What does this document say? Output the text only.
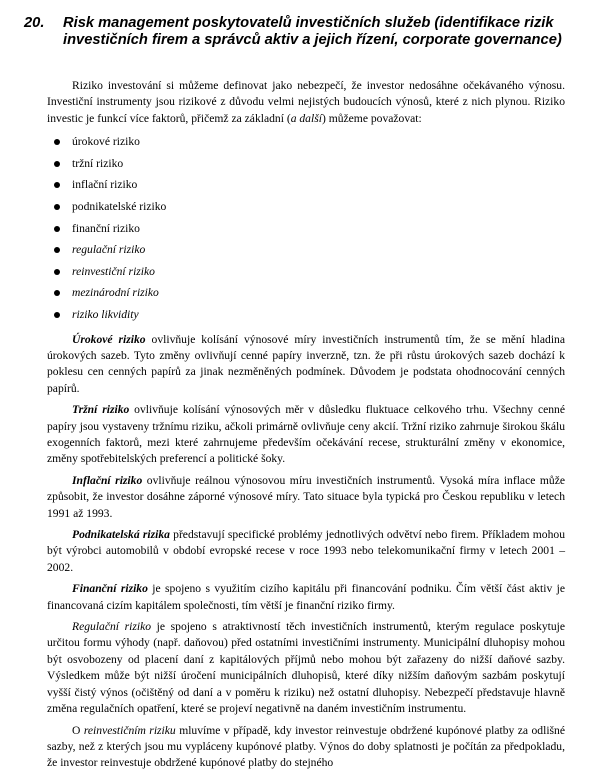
20. Risk management poskytovatelů investičních služeb (identifikace rizik investičních firem a správců aktiv a jejich řízení, corporate governance)

Riziko investování si můžeme definovat jako nebezpečí, že investor nedosáhne očekávaného výnosu. Investiční instrumenty jsou rizikové z důvodu velmi nejistých budoucích výnosů, které z nich plynou. Riziko investic je funkcí více faktorů, přičemž za základní (a další) můžeme považovat:

úrokové riziko
tržní riziko
inflační riziko
podnikatelské riziko
finanční riziko
regulační riziko
reinvestiční riziko
mezinárodní riziko
riziko likvidity

Úrokové riziko ovlivňuje kolísání výnosové míry investičních instrumentů tím, že se mění hladina úrokových sazeb. Tyto změny ovlivňují cenné papíry inverzně, tzn. že při růstu úrokových sazeb dochází k poklesu cen cenných papírů za jinak nezměněných podmínek. Důvodem je podstata ohodnocování cenných papírů.

Tržní riziko ovlivňuje kolísání výnosových měr v důsledku fluktuace celkového trhu. Všechny cenné papíry jsou vystaveny tržnímu riziku, ačkoli primárně ovlivňuje ceny akcií. Tržní riziko zahrnuje širokou škálu exogenních faktorů, mezi které zahrnujeme především očekávání recese, strukturální změny v ekonomice, změny spotřebitelských preferencí a politické šoky.

Inflační riziko ovlivňuje reálnou výnosovou míru investičních instrumentů. Vysoká míra inflace může způsobit, že investor dosáhne záporné výnosové míry. Tato situace byla typická pro Českou republiku v letech 1991 až 1993.

Podnikatelská rizika představují specifické problémy jednotlivých odvětví nebo firem. Příkladem mohou být výrobci automobilů v období evropské recese v roce 1993 nebo telekomunikační firmy v letech 2001 – 2002.

Finanční riziko je spojeno s využitím cizího kapitálu při financování podniku. Čím větší část aktiv je financovaná cizím kapitálem společnosti, tím větší je finanční riziko firmy.

Regulační riziko je spojeno s atraktivností těch investičních instrumentů, kterým regulace poskytuje určitou formu výhody (např. daňovou) před ostatními investičními instrumenty. Municipální dluhopisy mohou být osvobozeny od placení daní z kapitálových příjmů nebo mohou být zařazeny do nižší daňové sazby. Výsledkem může být nižší úročení municipálních dluhopisů, které díky nižším daňovým sazbám poskytují vyšší čistý výnos (očištěný od daní a v poměru k riziku) než ostatní dluhopisy. Nebezpečí představuje hlavně změna regulačních opatření, které se projeví negativně na daném investičním instrumentu.

O reinvestičním riziku mluvíme v případě, kdy investor reinvestuje obdržené kupónové platby za odlišné sazby, než z kterých jsou mu vypláceny kupónové platby. Výnos do doby splatnosti je počítán za předpokladu, že investor reinvestuje obdržené kupónové platby do stejného
